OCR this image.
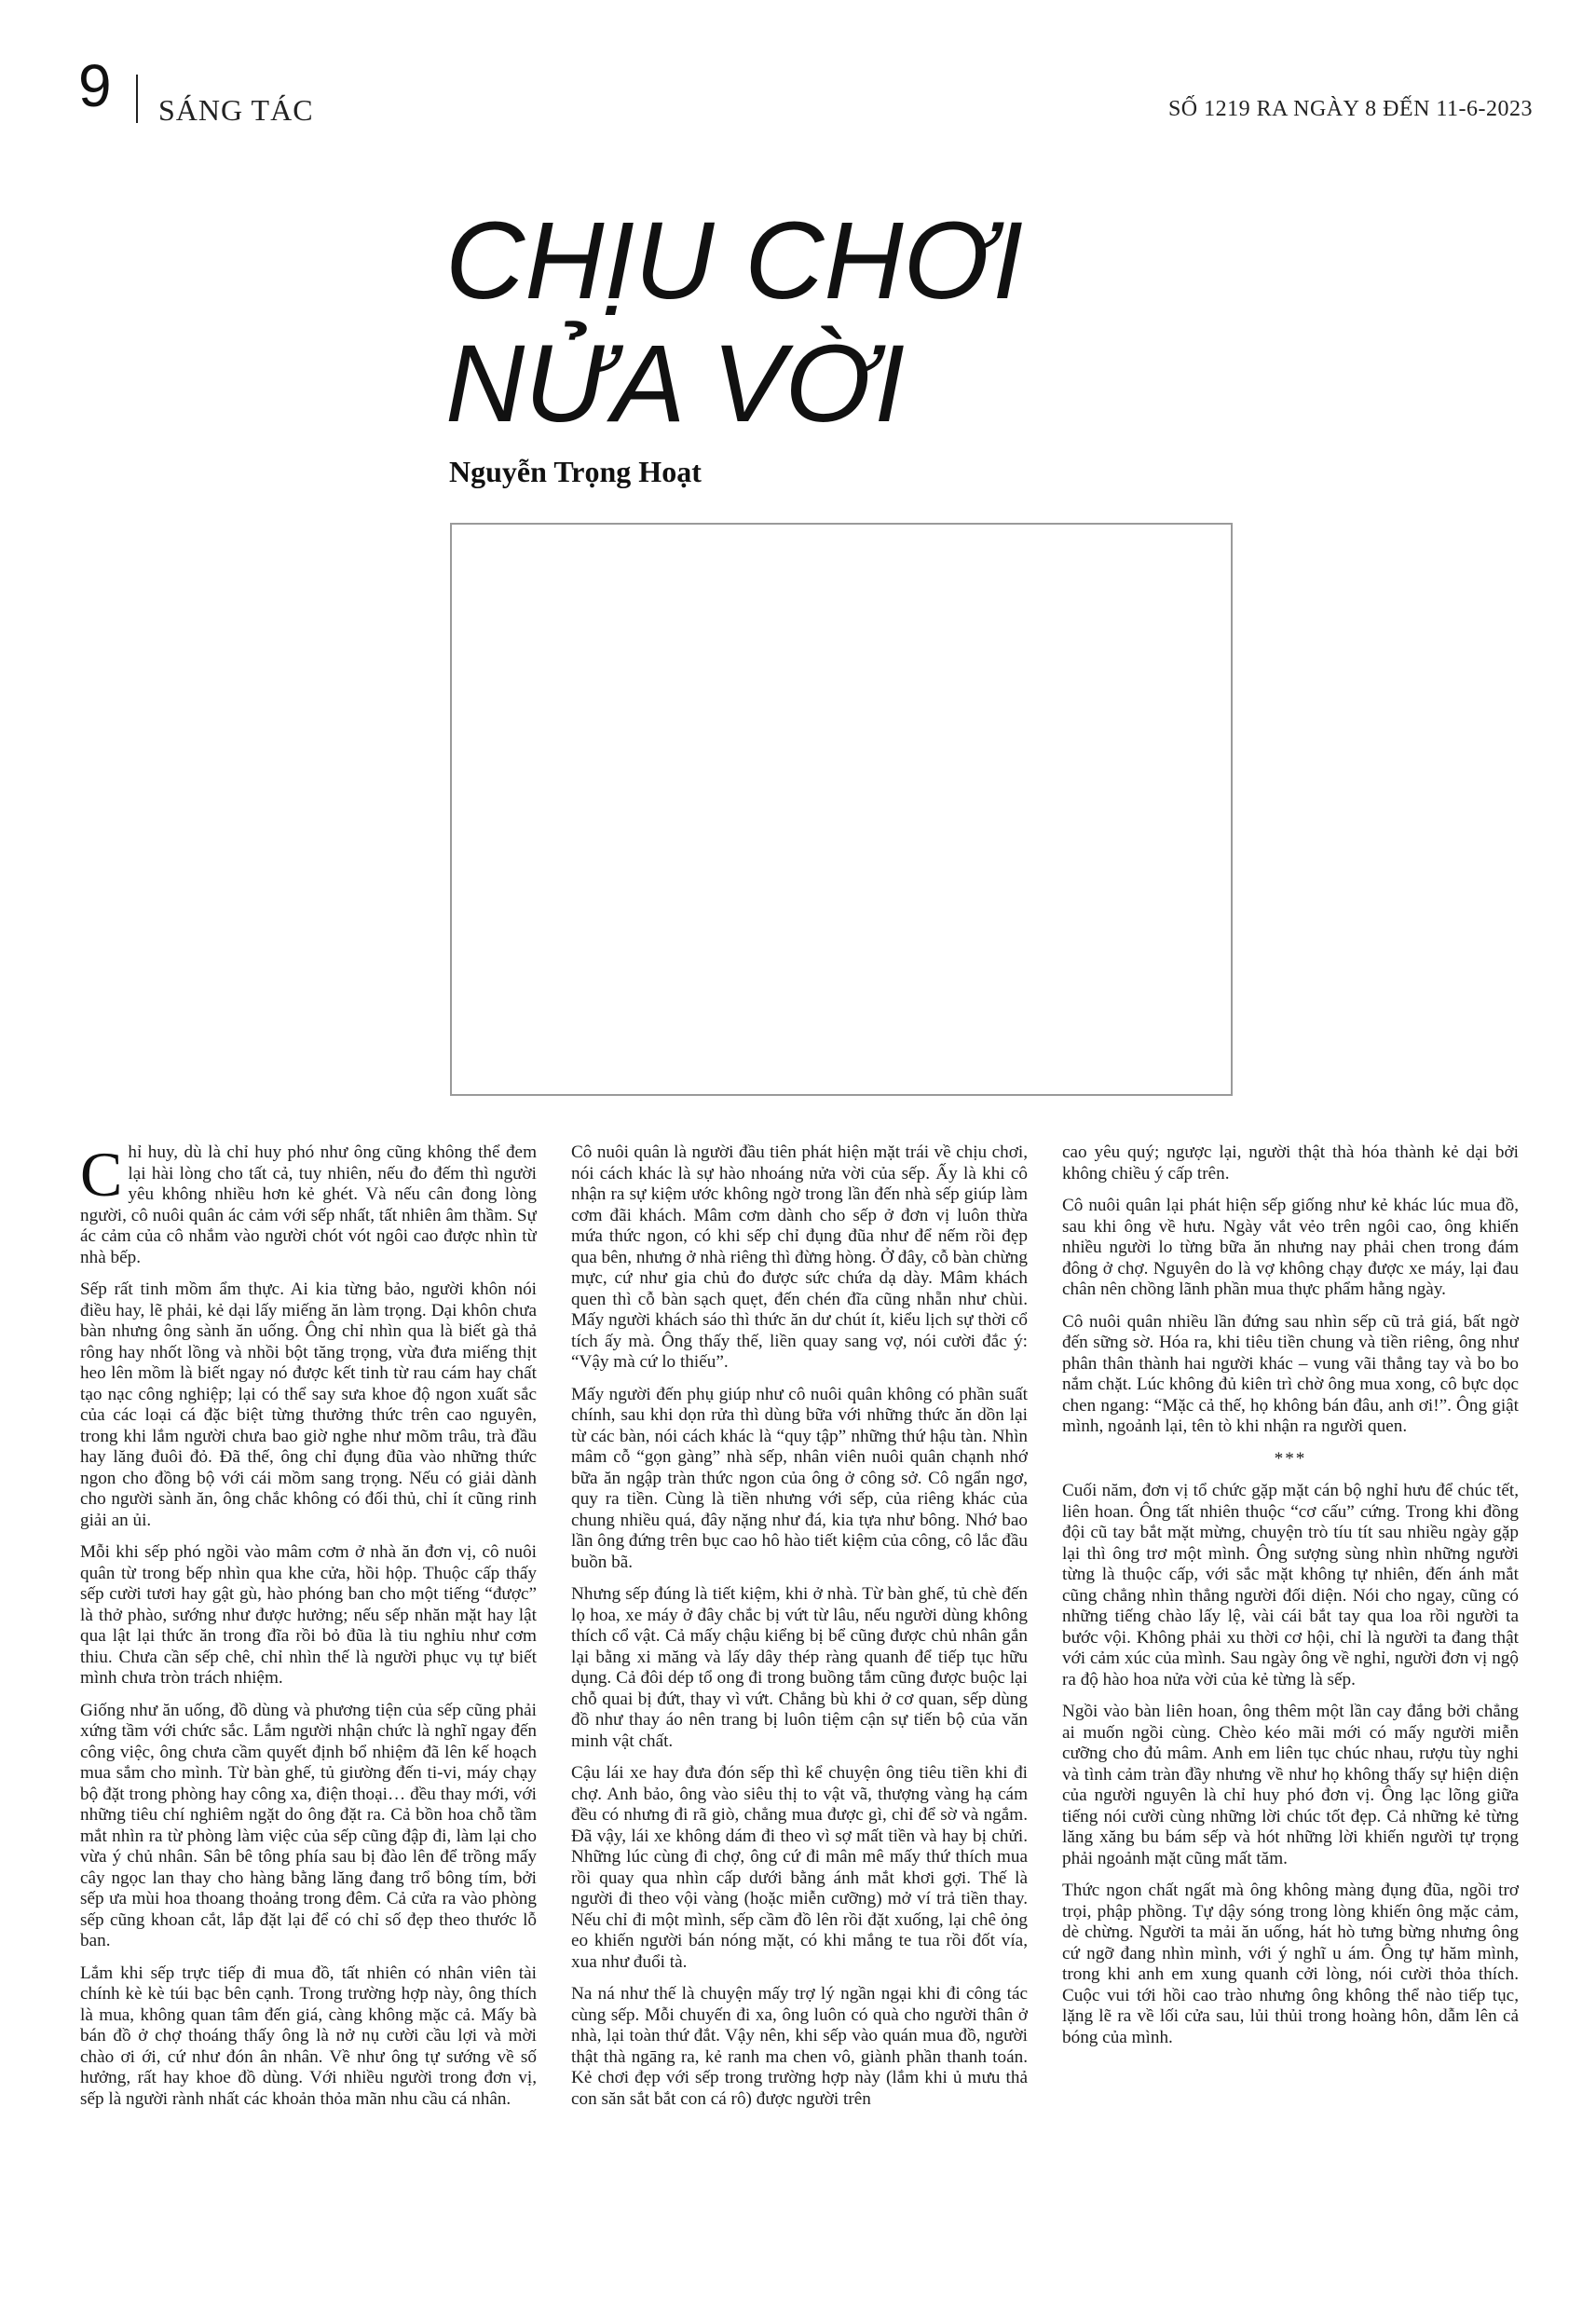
9 SÁNG TÁC	SỐ 1219 RA NGÀY 8 ĐẾN 11-6-2023
CHỊU CHƠI
NỬA VỜI
Nguyễn Trọng Hoạt

Chỉ huy, dù là chỉ huy phó như ông cũng không thể đem lại hài lòng cho tất cả, tuy nhiên, nếu đo đếm thì người yêu không nhiều hơn kẻ ghét. Và nếu cân đong lòng người, cô nuôi quân ác cảm với sếp nhất, tất nhiên âm thầm. Sự ác cảm của cô nhắm vào người chót vót ngôi cao được nhìn từ nhà bếp.

Sếp rất tinh mồm ẩm thực. Ai kia từng bảo, người khôn nói điều hay, lẽ phải, kẻ dại lấy miếng ăn làm trọng. Dại khôn chưa bàn nhưng ông sành ăn uống. Ông chỉ nhìn qua là biết gà thả rông hay nhốt lồng và nhồi bột tăng trọng, vừa đưa miếng thịt heo lên mồm là biết ngay nó được kết tinh từ rau cám hay chất tạo nạc công nghiệp; lại có thể say sưa khoe độ ngon xuất sắc của các loại cá đặc biệt từng thưởng thức trên cao nguyên, trong khi lắm người chưa bao giờ nghe như mõm trâu, trà đầu hay lăng đuôi đỏ. Đã thế, ông chỉ đụng đũa vào những thức ngon cho đồng bộ với cái mồm sang trọng. Nếu có giải dành cho người sành ăn, ông chắc không có đối thủ, chỉ ít cũng rinh giải an ủi.

Mỗi khi sếp phó ngồi vào mâm cơm ở nhà ăn đơn vị, cô nuôi quân từ trong bếp nhìn qua khe cửa, hồi hộp. Thuộc cấp thấy sếp cười tươi hay gật gù, hào phóng ban cho một tiếng “được” là thở phào, sướng như được hưởng; nếu sếp nhăn mặt hay lật qua lật lại thức ăn trong đĩa rồi bỏ đũa là tiu nghỉu như cơm thiu. Chưa cần sếp chê, chỉ nhìn thế là người phục vụ tự biết mình chưa tròn trách nhiệm.

Giống như ăn uống, đồ dùng và phương tiện của sếp cũng phải xứng tầm với chức sắc. Lắm người nhận chức là nghĩ ngay đến công việc, ông chưa cầm quyết định bổ nhiệm đã lên kế hoạch mua sắm cho mình. Từ bàn ghế, tủ giường đến ti-vi, máy chạy bộ đặt trong phòng hay công xa, điện thoại… đều thay mới, với những tiêu chí nghiêm ngặt do ông đặt ra. Cả bồn hoa chỗ tầm mắt nhìn ra từ phòng làm việc của sếp cũng đập đi, làm lại cho vừa ý chủ nhân. Sân bê tông phía sau bị đào lên để trồng mấy cây ngọc lan thay cho hàng bằng lăng đang trổ bông tím, bởi sếp ưa mùi hoa thoang thoảng trong đêm. Cả cửa ra vào phòng sếp cũng khoan cắt, lắp đặt lại để có chỉ số đẹp theo thước lỗ ban.

Lắm khi sếp trực tiếp đi mua đồ, tất nhiên có nhân viên tài chính kè kè túi bạc bên cạnh. Trong trường hợp này, ông thích là mua, không quan tâm đến giá, càng không mặc cả. Mấy bà bán đồ ở chợ thoáng thấy ông là nở nụ cười cầu lợi và mời chào ơi ới, cứ như đón ân nhân. Về như ông tự sướng về số hưởng, rất hay khoe đồ dùng. Với nhiều người trong đơn vị, sếp là người rành nhất các khoản thỏa mãn nhu cầu cá nhân.

Cô nuôi quân là người đầu tiên phát hiện mặt trái về chịu chơi, nói cách khác là sự hào nhoáng nửa vời của sếp. Ấy là khi cô nhận ra sự kiệm ước không ngờ trong lần đến nhà sếp giúp làm cơm đãi khách. Mâm cơm dành cho sếp ở đơn vị luôn thừa mứa thức ngon, có khi sếp chỉ đụng đũa như để nếm rồi đẹp qua bên, nhưng ở nhà riêng thì đừng hòng. Ở đây, cỗ bàn chừng mực, cứ như gia chủ đo được sức chứa dạ dày. Mâm khách quen thì cỗ bàn sạch quẹt, đến chén đĩa cũng nhẵn như chùi. Mấy người khách sáo thì thức ăn dư chút ít, kiểu lịch sự thời cổ tích ấy mà. Ông thấy thế, liền quay sang vợ, nói cười đắc ý: “Vậy mà cứ lo thiếu”.

Mấy người đến phụ giúp như cô nuôi quân không có phần suất chính, sau khi dọn rửa thì dùng bữa với những thức ăn dồn lại từ các bàn, nói cách khác là “quy tập” những thứ hậu tàn. Nhìn mâm cỗ “gọn gàng” nhà sếp, nhân viên nuôi quân chạnh nhớ bữa ăn ngập tràn thức ngon của ông ở công sở. Cô ngẩn ngơ, quy ra tiền. Cùng là tiền nhưng với sếp, của riêng khác của chung nhiều quá, đây nặng như đá, kia tựa như bông. Nhớ bao lần ông đứng trên bục cao hô hào tiết kiệm của công, cô lắc đầu buồn bã.

Nhưng sếp đúng là tiết kiệm, khi ở nhà. Từ bàn ghế, tủ chè đến lọ hoa, xe máy ở đây chắc bị vứt từ lâu, nếu người dùng không thích cổ vật. Cả mấy chậu kiểng bị bể cũng được chủ nhân gắn lại bằng xi măng và lấy dây thép ràng quanh để tiếp tục hữu dụng. Cả đôi dép tổ ong đi trong buồng tắm cũng được buộc lại chỗ quai bị đứt, thay vì vứt. Chẳng bù khi ở cơ quan, sếp dùng đồ như thay áo nên trang bị luôn tiệm cận sự tiến bộ của văn minh vật chất.

Cậu lái xe hay đưa đón sếp thì kể chuyện ông tiêu tiền khi đi chợ. Anh bảo, ông vào siêu thị to vật vã, thượng vàng hạ cám đều có nhưng đi rã giò, chẳng mua được gì, chỉ để sờ và ngắm. Đã vậy, lái xe không dám đi theo vì sợ mất tiền và hay bị chửi. Những lúc cùng đi chợ, ông cứ đi mân mê mấy thứ thích mua rồi quay qua nhìn cấp dưới bằng ánh mắt khơi gợi. Thế là người đi theo vội vàng (hoặc miễn cưỡng) mở ví trả tiền thay. Nếu chỉ đi một mình, sếp cầm đồ lên rồi đặt xuống, lại chê ỏng eo khiến người bán nóng mặt, có khi mắng te tua rồi đốt vía, xua như đuổi tà.

Na ná như thế là chuyện mấy trợ lý ngần ngại khi đi công tác cùng sếp. Mỗi chuyến đi xa, ông luôn có quà cho người thân ở nhà, lại toàn thứ đắt. Vậy nên, khi sếp vào quán mua đồ, người thật thà ngāng ra, kẻ ranh ma chen vô, giành phần thanh toán. Kẻ chơi đẹp với sếp trong trường hợp này (lắm khi ủ mưu thả con săn sắt bắt con cá rô) được người trên

cao yêu quý; ngược lại, người thật thà hóa thành kẻ dại bởi không chiều ý cấp trên.

Cô nuôi quân lại phát hiện sếp giống như kẻ khác lúc mua đồ, sau khi ông về hưu. Ngày vắt vẻo trên ngôi cao, ông khiến nhiều người lo từng bữa ăn nhưng nay phải chen trong đám đông ở chợ. Nguyên do là vợ không chạy được xe máy, lại đau chân nên chồng lãnh phần mua thực phẩm hằng ngày.

Cô nuôi quân nhiều lần đứng sau nhìn sếp cũ trả giá, bất ngờ đến sững sờ. Hóa ra, khi tiêu tiền chung và tiền riêng, ông như phân thân thành hai người khác – vung vãi thẳng tay và bo bo nắm chặt. Lúc không đủ kiên trì chờ ông mua xong, cô bực dọc chen ngang: “Mặc cả thế, họ không bán đâu, anh ơi!”. Ông giật mình, ngoảnh lại, tên tò khi nhận ra người quen.

***

Cuối năm, đơn vị tổ chức gặp mặt cán bộ nghỉ hưu để chúc tết, liên hoan. Ông tất nhiên thuộc “cơ cấu” cứng. Trong khi đồng đội cũ tay bắt mặt mừng, chuyện trò tíu tít sau nhiều ngày gặp lại thì ông trơ một mình. Ông sượng sùng nhìn những người từng là thuộc cấp, với sắc mặt không tự nhiên, đến ánh mắt cũng chẳng nhìn thẳng người đối diện. Nói cho ngay, cũng có những tiếng chào lấy lệ, vài cái bắt tay qua loa rồi người ta bước vội. Không phải xu thời cơ hội, chỉ là người ta đang thật với cảm xúc của mình. Sau ngày ông về nghỉ, người đơn vị ngộ ra độ hào hoa nửa vời của kẻ từng là sếp.

Ngồi vào bàn liên hoan, ông thêm một lần cay đắng bởi chẳng ai muốn ngồi cùng. Chèo kéo mãi mới có mấy người miễn cưỡng cho đủ mâm. Anh em liên tục chúc nhau, rượu tùy nghi và tình cảm tràn đầy nhưng về như họ không thấy sự hiện diện của người nguyên là chỉ huy phó đơn vị. Ông lạc lõng giữa tiếng nói cười cùng những lời chúc tốt đẹp. Cả những kẻ từng lăng xăng bu bám sếp và hót những lời khiến người tự trọng phải ngoảnh mặt cũng mất tăm.

Thức ngon chất ngất mà ông không màng đụng đũa, ngồi trơ trọi, phập phồng. Tự dậy sóng trong lòng khiến ông mặc cảm, dè chừng. Người ta mải ăn uống, hát hò tưng bừng nhưng ông cứ ngỡ đang nhìn mình, với ý nghĩ u ám. Ông tự hăm mình, trong khi anh em xung quanh cởi lòng, nói cười thỏa thích. Cuộc vui tới hồi cao trào nhưng ông không thể nào tiếp tục, lặng lẽ ra về lối cửa sau, lủi thủi trong hoàng hôn, dẫm lên cả bóng của mình.
